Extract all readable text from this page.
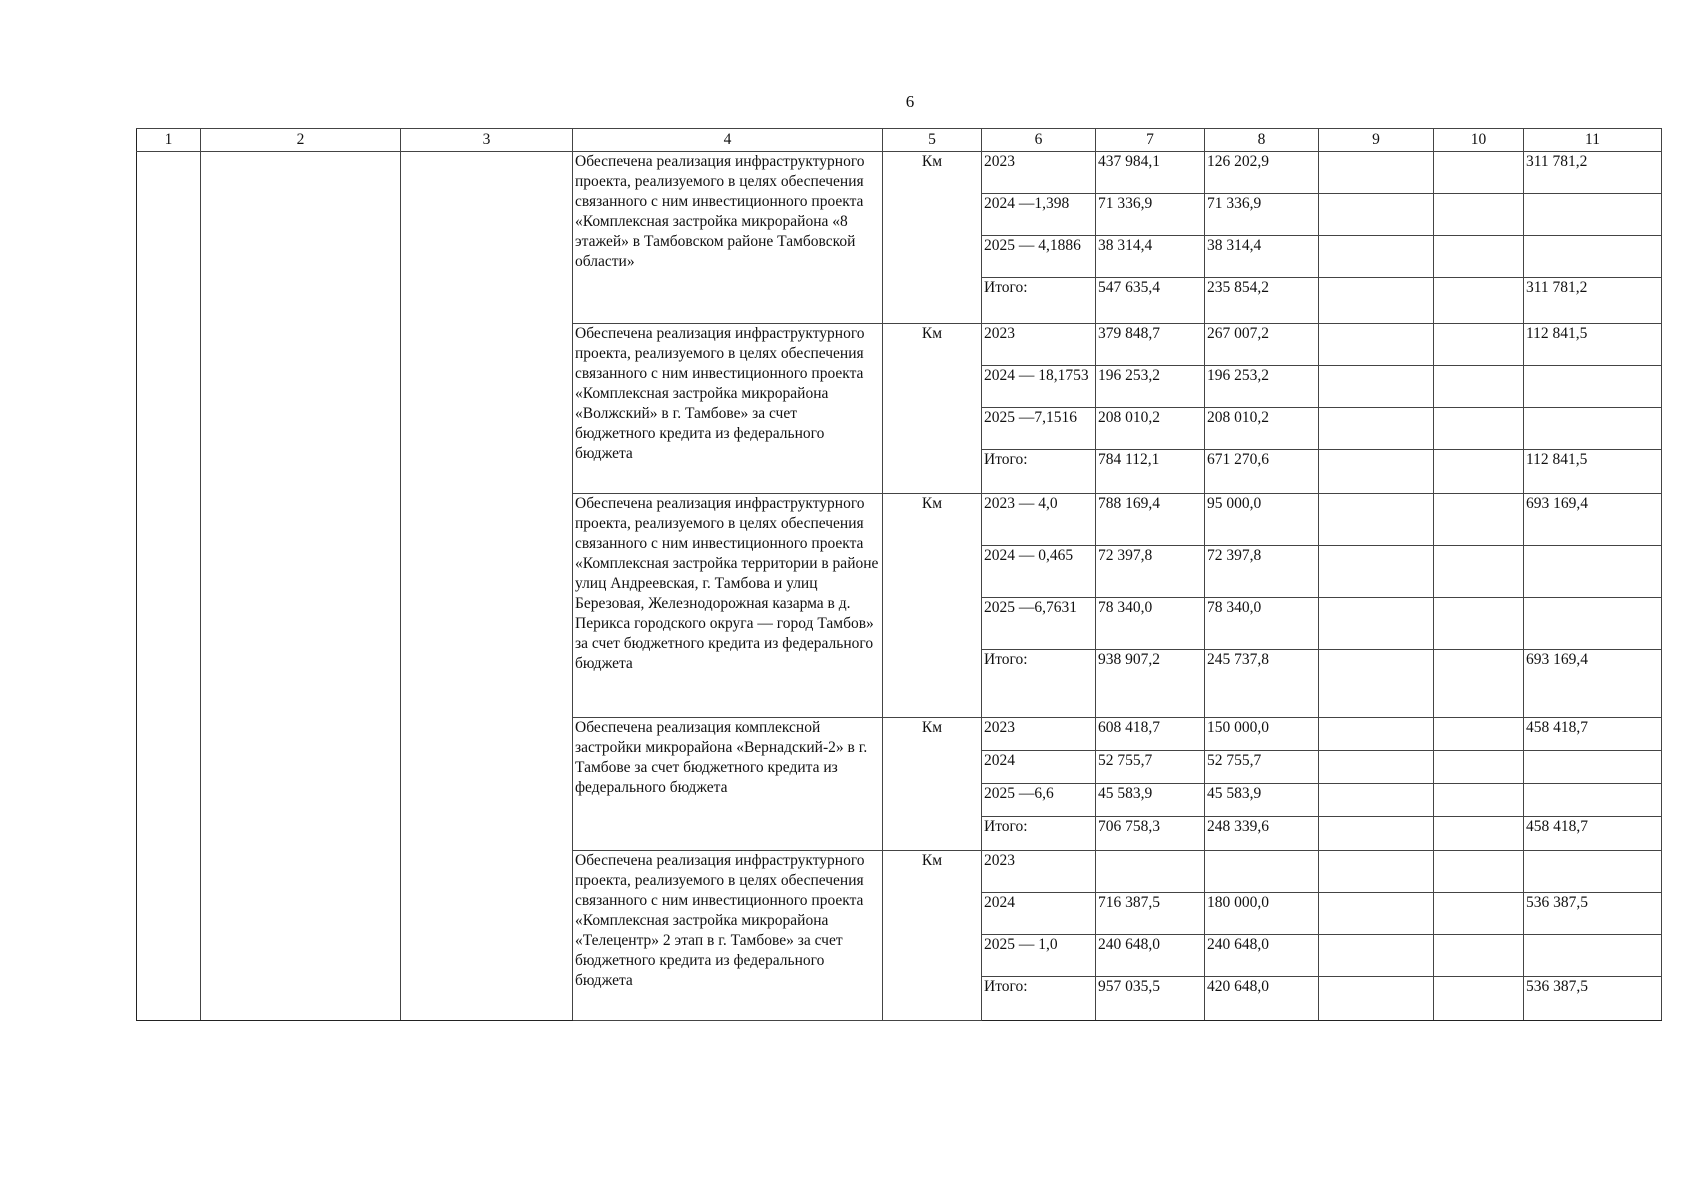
6
1	2	3	4	5	6	7	8	9	10	11
			Обеспечена реализация инфраструктурного проекта, реализуемого в целях обеспечения связанного с ним инвестиционного проекта «Комплексная застройка микрорайона «8 этажей» в Тамбовском районе Тамбовской области»	Км	2023	437 984,1	126 202,9			311 781,2
					2024 —1,398	71 336,9	71 336,9			
					2025 — 4,1886	38 314,4	38 314,4			
					Итого:	547 635,4	235 854,2			311 781,2
			Обеспечена реализация инфраструктурного проекта, реализуемого в целях обеспечения связанного с ним инвестиционного проекта «Комплексная застройка микрорайона «Волжский» в г. Тамбове» за счет бюджетного кредита из федерального бюджета	Км	2023	379 848,7	267 007,2			112 841,5
					2024 — 18,1753	196 253,2	196 253,2			
					2025 —7,1516	208 010,2	208 010,2			
					Итого:	784 112,1	671 270,6			112 841,5
			Обеспечена реализация инфраструктурного проекта, реализуемого в целях обеспечения связанного с ним инвестиционного проекта «Комплексная застройка территории в районе улиц Андреевская, г. Тамбова и улиц Березовая, Железнодорожная казарма в д. Перикса городского округа — город Тамбов» за счет бюджетного кредита из федерального бюджета	Км	2023 — 4,0	788 169,4	95 000,0			693 169,4
					2024 — 0,465	72 397,8	72 397,8			
					2025 —6,7631	78 340,0	78 340,0			
					Итого:	938 907,2	245 737,8			693 169,4
			Обеспечена реализация комплексной застройки микрорайона «Вернадский-2» в г. Тамбове за счет бюджетного кредита из федерального бюджета	Км	2023	608 418,7	150 000,0			458 418,7
					2024	52 755,7	52 755,7			
					2025 —6,6	45 583,9	45 583,9			
					Итого:	706 758,3	248 339,6			458 418,7
			Обеспечена реализация инфраструктурного проекта, реализуемого в целях обеспечения связанного с ним инвестиционного проекта «Комплексная застройка микрорайона «Телецентр» 2 этап в г. Тамбове» за счет бюджетного кредита из федерального бюджета	Км	2023					
					2024	716 387,5	180 000,0			536 387,5
					2025 — 1,0	240 648,0	240 648,0			
					Итого:	957 035,5	420 648,0			536 387,5
